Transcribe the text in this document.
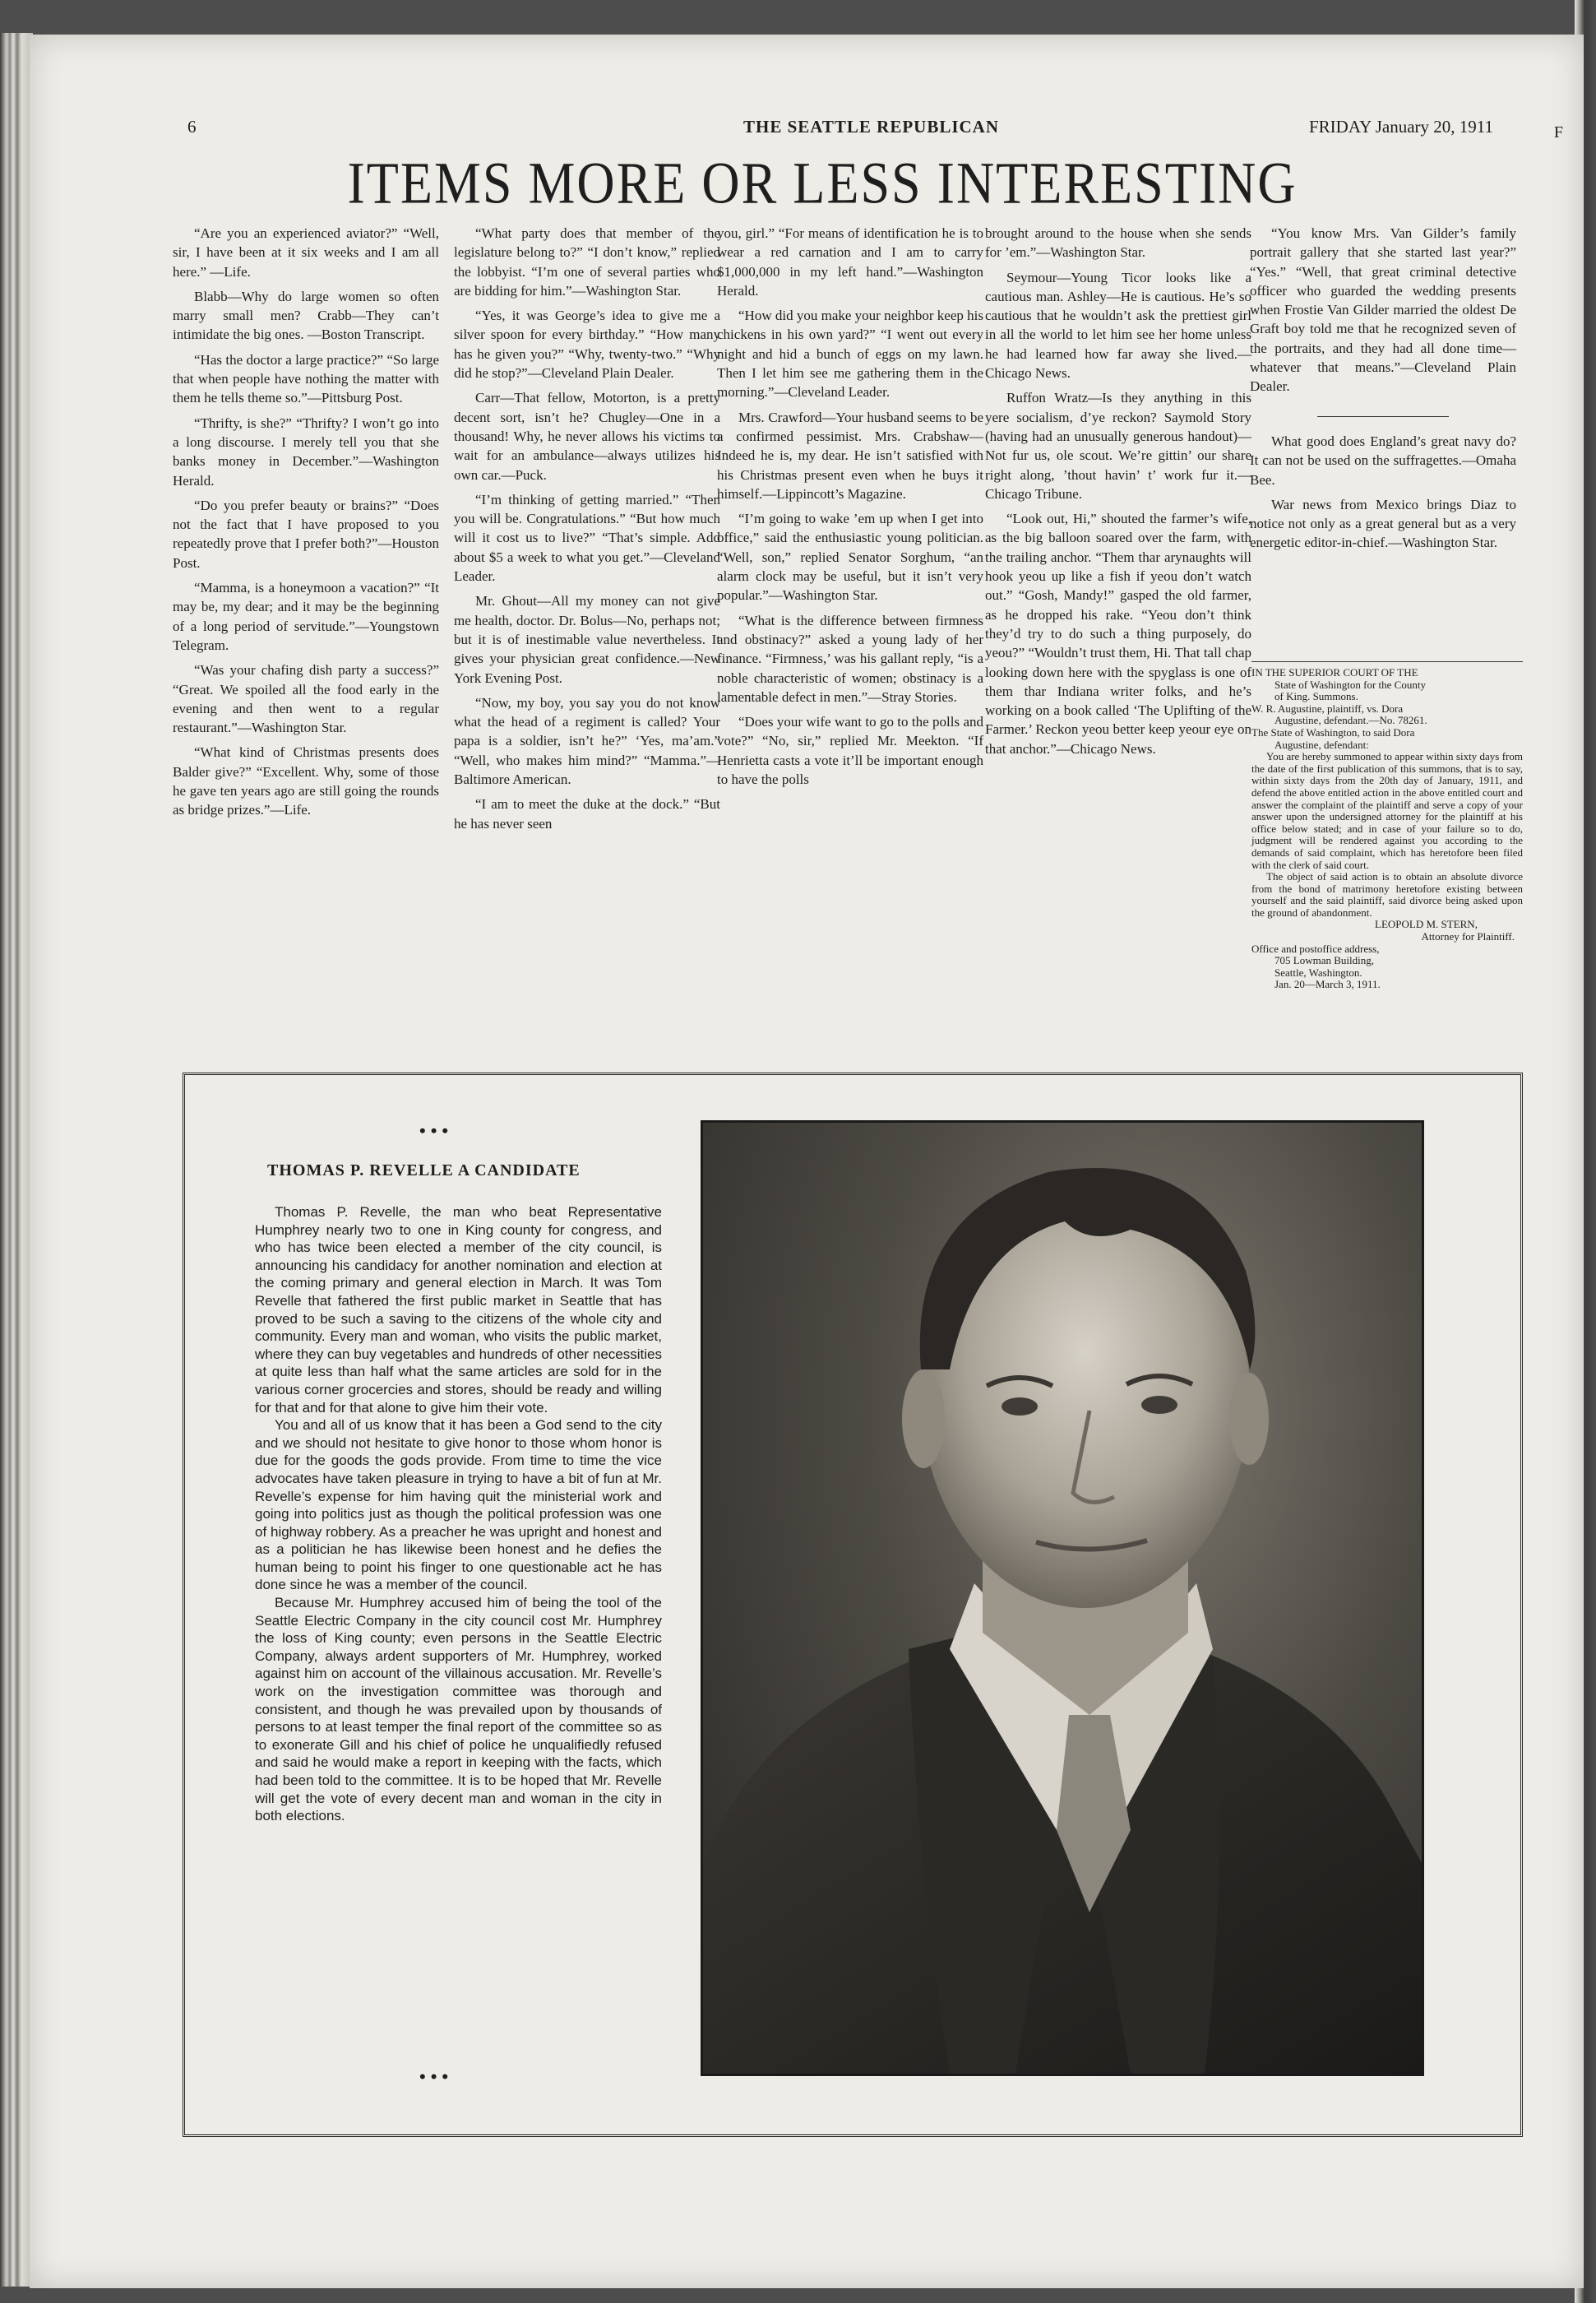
6	THE SEATTLE REPUBLICAN	FRIDAY January 20, 1911	F
ITEMS MORE OR LESS INTERESTING

“Are you an experienced aviator?” “Well, sir, I have been at it six weeks and I am all here.” —Life.

Blabb—Why do large women so often marry small men? Crabb—They can’t intimidate the big ones. —Boston Transcript.

“Has the doctor a large practice?” “So large that when people have nothing the matter with them he tells theme so.”—Pittsburg Post.

“Thrifty, is she?” “Thrifty? I won’t go into a long discourse. I merely tell you that she banks money in December.”—Washington Herald.

“Do you prefer beauty or brains?” “Does not the fact that I have proposed to you repeatedly prove that I prefer both?”—Houston Post.

“Mamma, is a honeymoon a vacation?” “It may be, my dear; and it may be the beginning of a long period of servitude.”—Youngstown Telegram.

“Was your chafing dish party a success?” “Great. We spoiled all the food early in the evening and then went to a regular restaurant.”—Washington Star.

“What kind of Christmas presents does Balder give?” “Excellent. Why, some of those he gave ten years ago are still going the rounds as bridge prizes.”—Life.

“What party does that member of the legislature belong to?” “I don’t know,” replied the lobbyist. “I’m one of several parties who are bidding for him.”—Washington Star.

“Yes, it was George’s idea to give me a silver spoon for every birthday.” “How many has he given you?” “Why, twenty-two.” “Why did he stop?”—Cleveland Plain Dealer.

Carr—That fellow, Motorton, is a pretty decent sort, isn’t he? Chugley—One in a thousand! Why, he never allows his victims to wait for an ambulance—always utilizes his own car.—Puck.

“I’m thinking of getting married.” “Then you will be. Congratulations.” “But how much will it cost us to live?” “That’s simple. Add about $5 a week to what you get.”—Cleveland Leader.

Mr. Ghout—All my money can not give me health, doctor. Dr. Bolus—No, perhaps not; but it is of inestimable value nevertheless. It gives your physician great confidence.—New York Evening Post.

“Now, my boy, you say you do not know what the head of a regiment is called? Your papa is a soldier, isn’t he?” ‘Yes, ma’am.” “Well, who makes him mind?” “Mamma.”—Baltimore American.

“I am to meet the duke at the dock.” “But he has never seen

you, girl.” “For means of identification he is to wear a red carnation and I am to carry $1,000,000 in my left hand.”—Washington Herald.

“How did you make your neighbor keep his chickens in his own yard?” “I went out every night and hid a bunch of eggs on my lawn. Then I let him see me gathering them in the morning.”—Cleveland Leader.

Mrs. Crawford—Your husband seems to be a confirmed pessimist. Mrs. Crabshaw—Indeed he is, my dear. He isn’t satisfied with his Christmas present even when he buys it himself.—Lippincott’s Magazine.

“I’m going to wake ’em up when I get into office,” said the enthusiastic young politician. “Well, son,” replied Senator Sorghum, “an alarm clock may be useful, but it isn’t very popular.”—Washington Star.

“What is the difference between firmness and obstinacy?” asked a young lady of her finance. “Firmness,’ was his gallant reply, “is a noble characteristic of women; obstinacy is a lamentable defect in men.”—Stray Stories.

“Does your wife want to go to the polls and vote?” “No, sir,” replied Mr. Meekton. “If Henrietta casts a vote it’ll be important enough to have the polls

brought around to the house when she sends for ’em.”—Washington Star.

Seymour—Young Ticor looks like a cautious man. Ashley—He is cautious. He’s so cautious that he wouldn’t ask the prettiest girl in all the world to let him see her home unless he had learned how far away she lived.—Chicago News.

Ruffon Wratz—Is they anything in this yere socialism, d’ye reckon? Saymold Story (having had an unusually generous handout)—Not fur us, ole scout. We’re gittin’ our share right along, ’thout havin’ t’ work fur it.—Chicago Tribune.

“Look out, Hi,” shouted the farmer’s wife, as the big balloon soared over the farm, with the trailing anchor. “Them thar arynaughts will hook yeou up like a fish if yeou don’t watch out.” “Gosh, Mandy!” gasped the old farmer, as he dropped his rake. “Yeou don’t think they’d try to do such a thing purposely, do yeou?” “Wouldn’t trust them, Hi. That tall chap looking down here with the spyglass is one of them thar Indiana writer folks, and he’s working on a book called ‘The Uplifting of the Farmer.’ Reckon yeou better keep yeour eye on that anchor.”—Chicago News.

“You know Mrs. Van Gilder’s family portrait gallery that she started last year?” “Yes.” “Well, that great criminal detective officer who guarded the wedding presents when Frostie Van Gilder married the oldest De Graft boy told me that he recognized seven of the portraits, and they had all done time—whatever that means.”—Cleveland Plain Dealer.

What good does England’s great navy do? It can not be used on the suffragettes.—Omaha Bee.

War news from Mexico brings Diaz to notice not only as a great general but as a very energetic editor-in-chief.—Washington Star.

IN THE SUPERIOR COURT OF THE

State of Washington for the County

of King. Summons.

W. R. Augustine, plaintiff, vs. Dora

Augustine, defendant.—No. 78261.

The State of Washington, to said Dora

Augustine, defendant:

You are hereby summoned to appear within sixty days from the date of the first publication of this summons, that is to say, within sixty days from the 20th day of January, 1911, and defend the above entitled action in the above entitled court and answer the complaint of the plaintiff and serve a copy of your answer upon the undersigned attorney for the plaintiff at his office below stated; and in case of your failure so to do, judgment will be rendered against you according to the demands of said complaint, which has heretofore been filed with the clerk of said court.

The object of said action is to obtain an absolute divorce from the bond of matrimony heretofore existing between yourself and the said plaintiff, said divorce being asked upon the ground of abandonment.

LEOPOLD M. STERN,

Attorney for Plaintiff.

Office and postoffice address,

705 Lowman Building,

Seattle, Washington.

Jan. 20—March 3, 1911.

•••
THOMAS P. REVELLE A CANDIDATE

Thomas P. Revelle, the man who beat Representative Humphrey nearly two to one in King county for congress, and who has twice been elected a member of the city council, is announcing his candidacy for another nomination and election at the coming primary and general election in March. It was Tom Revelle that fathered the first public market in Seattle that has proved to be such a saving to the citizens of the whole city and community. Every man and woman, who visits the public market, where they can buy vegetables and hundreds of other necessities at quite less than half what the same articles are sold for in the various corner grocercies and stores, should be ready and willing for that and for that alone to give him their vote.

You and all of us know that it has been a God send to the city and we should not hesitate to give honor to those whom honor is due for the goods the gods provide. From time to time the vice advocates have taken pleasure in trying to have a bit of fun at Mr. Revelle’s expense for him having quit the ministerial work and going into politics just as though the political profession was one of highway robbery. As a preacher he was upright and honest and as a politician he has likewise been honest and he defies the human being to point his finger to one questionable act he has done since he was a member of the council.

Because Mr. Humphrey accused him of being the tool of the Seattle Electric Company in the city council cost Mr. Humphrey the loss of King county; even persons in the Seattle Electric Company, always ardent supporters of Mr. Humphrey, worked against him on account of the villainous accusation. Mr. Revelle’s work on the investigation committee was thorough and consistent, and though he was prevailed upon by thousands of persons to at least temper the final report of the committee so as to exonerate Gill and his chief of police he unqualifiedly refused and said he would make a report in keeping with the facts, which had been told to the committee. It is to be hoped that Mr. Revelle will get the vote of every decent man and woman in the city in both elections.

•••
